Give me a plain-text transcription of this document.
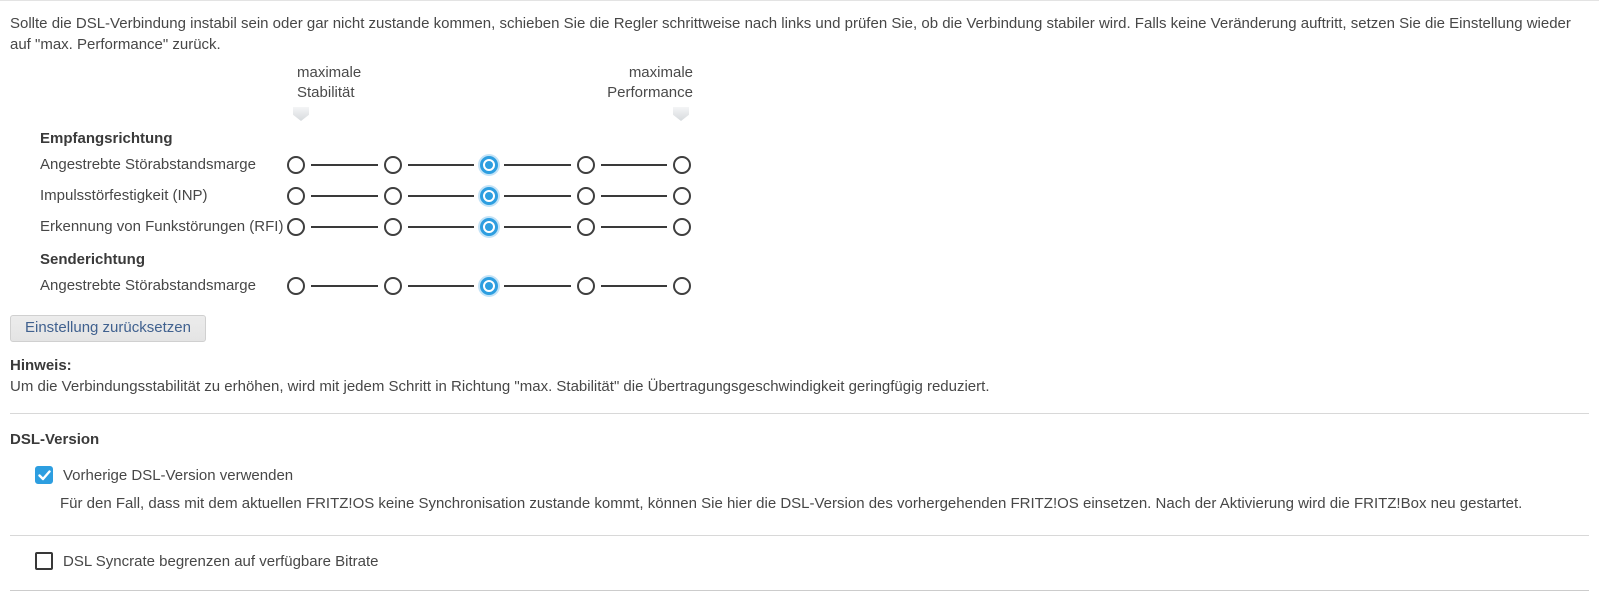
Sollte die DSL-Verbindung instabil sein oder gar nicht zustande kommen, schieben Sie die Regler schrittweise nach links und prüfen Sie, ob die Verbindung stabiler wird. Falls keine Veränderung auftritt, setzen Sie die Einstellung wieder auf "max. Performance" zurück.

maximale
Stabilität
maximale
Performance
Empfangsrichtung
Angestrebte Störabstandsmarge
Impulsstörfestigkeit (INP)
Erkennung von Funkstörungen (RFI)
Senderichtung
Angestrebte Störabstandsmarge
Einstellung zurücksetzen
Hinweis:
Um die Verbindungsstabilität zu erhöhen, wird mit jedem Schritt in Richtung "max. Stabilität" die Übertragungsgeschwindigkeit geringfügig reduziert.
DSL-Version
Vorherige DSL-Version verwenden
Für den Fall, dass mit dem aktuellen FRITZ!OS keine Synchronisation zustande kommt, können Sie hier die DSL-Version des vorhergehenden FRITZ!OS einsetzen. Nach der Aktivierung wird die FRITZ!Box neu gestartet.
DSL Syncrate begrenzen auf verfügbare Bitrate
